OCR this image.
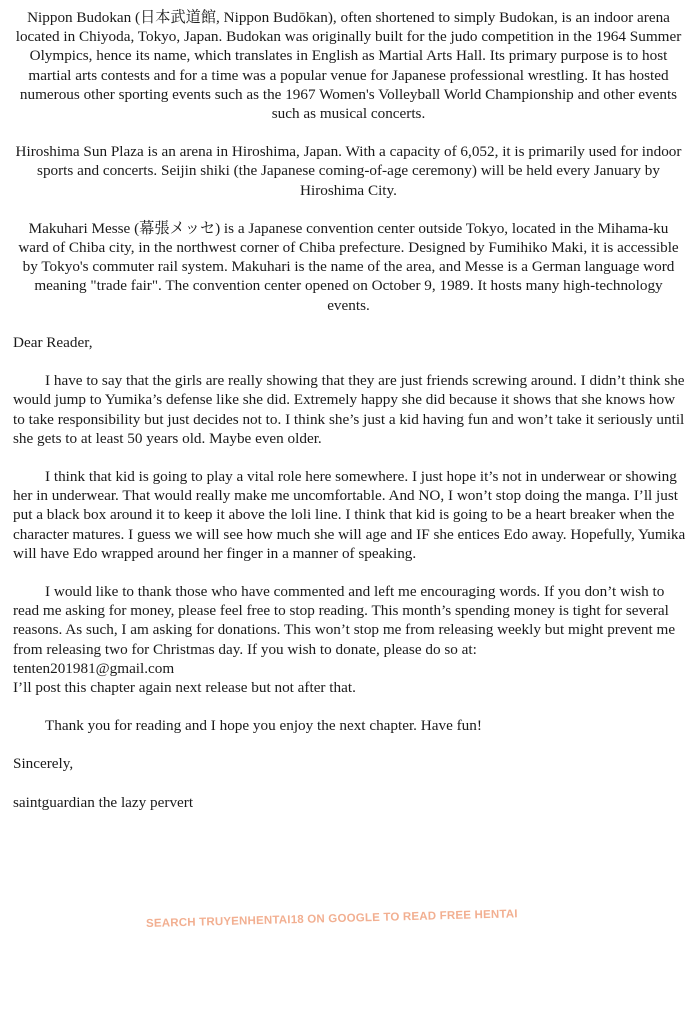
Nippon Budokan (日本武道館, Nippon Budōkan), often shortened to simply Budokan, is an indoor arena located in Chiyoda, Tokyo, Japan. Budokan was originally built for the judo competition in the 1964 Summer Olympics, hence its name, which translates in English as Martial Arts Hall. Its primary purpose is to host martial arts contests and for a time was a popular venue for Japanese professional wrestling. It has hosted numerous other sporting events such as the 1967 Women's Volleyball World Championship and other events such as musical concerts.

Hiroshima Sun Plaza is an arena in Hiroshima, Japan. With a capacity of 6,052, it is primarily used for indoor sports and concerts. Seijin shiki (the Japanese coming-of-age ceremony) will be held every January by Hiroshima City.

Makuhari Messe (幕張メッセ) is a Japanese convention center outside Tokyo, located in the Mihama-ku ward of Chiba city, in the northwest corner of Chiba prefecture. Designed by Fumihiko Maki, it is accessible by Tokyo's commuter rail system. Makuhari is the name of the area, and Messe is a German language word meaning "trade fair". The convention center opened on October 9, 1989. It hosts many high-technology events.

Dear Reader,

I have to say that the girls are really showing that they are just friends screwing around. I didn’t think she would jump to Yumika’s defense like she did. Extremely happy she did because it shows that she knows how to take responsibility but just decides not to. I think she’s just a kid having fun and won’t take it seriously until she gets to at least 50 years old. Maybe even older.

I think that kid is going to play a vital role here somewhere. I just hope it’s not in underwear or showing her in underwear. That would really make me uncomfortable. And NO, I won’t stop doing the manga. I’ll just put a black box around it to keep it above the loli line. I think that kid is going to be a heart breaker when the character matures. I guess we will see how much she will age and IF she entices Edo away. Hopefully, Yumika will have Edo wrapped around her finger in a manner of speaking.

I would like to thank those who have commented and left me encouraging words. If you don’t wish to read me asking for money, please feel free to stop reading. This month’s spending money is tight for several reasons. As such, I am asking for donations. This won’t stop me from releasing weekly but might prevent me from releasing two for Christmas day. If you wish to donate, please do so at:

tenten201981@gmail.com

I’ll post this chapter again next release but not after that.

Thank you for reading and I hope you enjoy the next chapter. Have fun!

Sincerely,

saintguardian the lazy pervert

SEARCH TRUYENHENTAI18 ON GOOGLE TO READ FREE HENTAI
